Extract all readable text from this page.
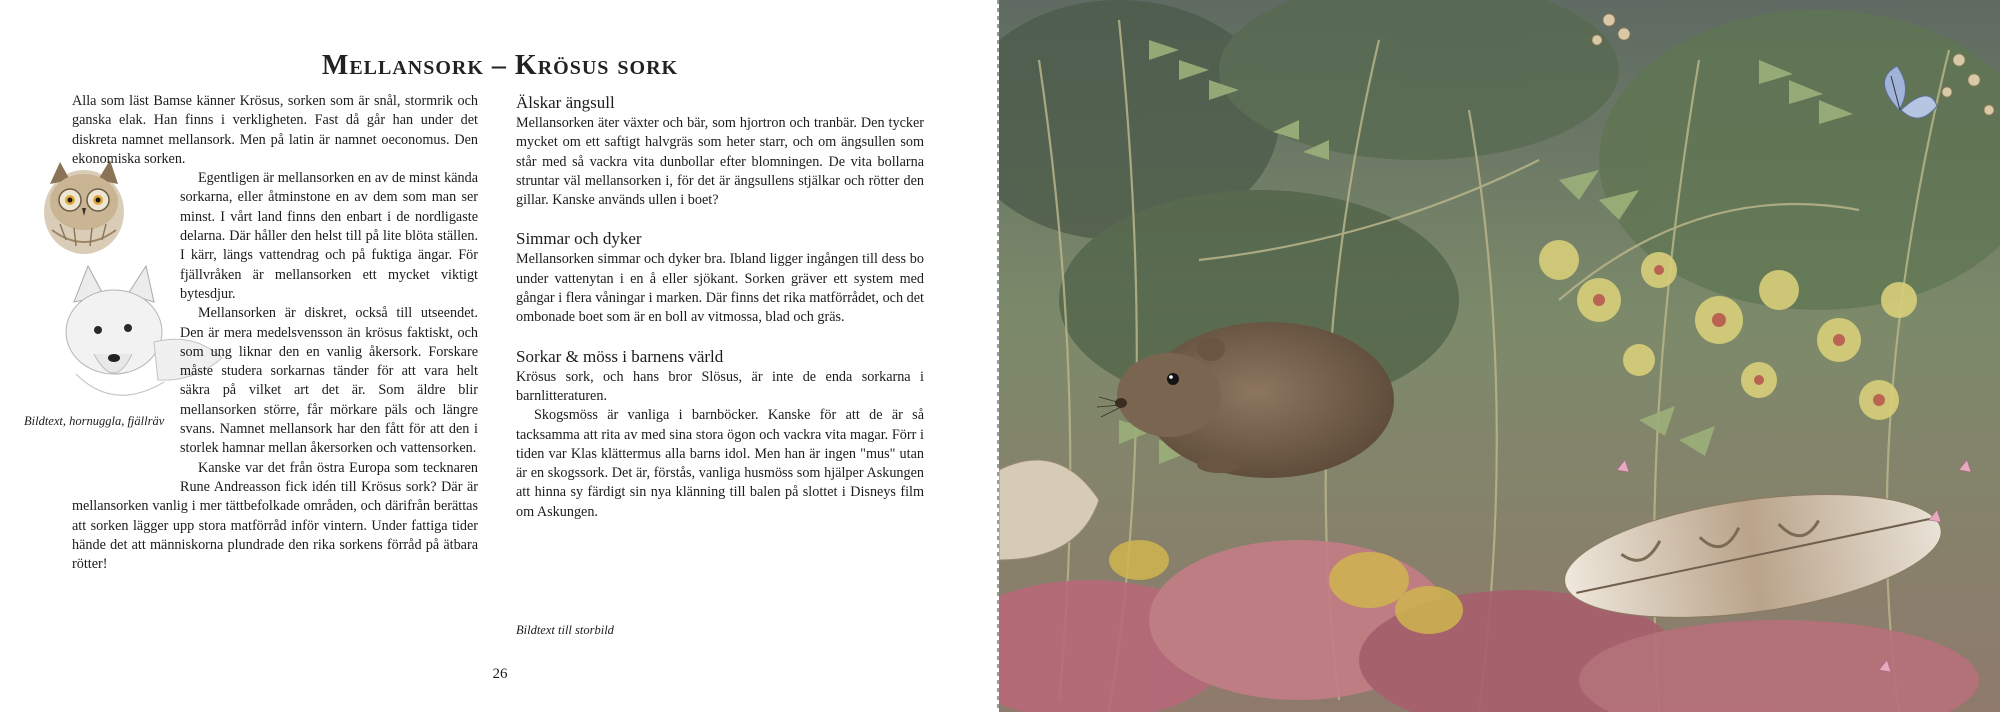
Mellansork – Krösus sork
Bildtext, hornuggla, fjällräv

Alla som läst Bamse känner Krösus, sorken som är snål, stormrik och ganska elak. Han finns i verkligheten. Fast då går han under det diskreta namnet mellansork. Men på latin är namnet oeconomus. Den ekonomiska sorken.

Egentligen är mellansorken en av de minst kända sorkarna, eller åtminstone en av dem som man ser minst. I vårt land finns den enbart i de nordligaste delarna. Där håller den helst till på lite blöta ställen. I kärr, längs vattendrag och på fuktiga ängar. För fjällvråken är mellansorken ett mycket viktigt bytesdjur.

Mellansorken är diskret, också till utseendet. Den är mera medelsvensson än krösus faktiskt, och som ung liknar den en vanlig åkersork. Forskare måste studera sorkarnas tänder för att vara helt säkra på vilket art det är. Som äldre blir mellansorken större, får mörkare päls och längre svans. Namnet mellansork har den fått för att den i storlek hamnar mellan åkersorken och vattensorken.

Kanske var det från östra Europa som tecknaren Rune Andreasson fick idén till Krösus sork? Där är mellansorken vanlig i mer tättbefolkade områden, och därifrån berättas att sorken lägger upp stora matförråd inför vintern. Under fattiga tider hände det att människorna plundrade den rika sorkens förråd på ätbara rötter!

Älskar ängsull

Mellansorken äter växter och bär, som hjortron och tranbär. Den tycker mycket om ett saftigt halvgräs som heter starr, och om ängsullen som står med så vackra vita dunbollar efter blomningen. De vita bollarna struntar väl mellansorken i, för det är ängsullens stjälkar och rötter den gillar. Kanske används ullen i boet?

Simmar och dyker

Mellansorken simmar och dyker bra. Ibland ligger ingången till dess bo under vattenytan i en å eller sjökant. Sorken gräver ett system med gångar i flera våningar i marken. Där finns det rika matförrådet, och det ombonade boet som är en boll av vitmossa, blad och gräs.

Sorkar & möss i barnens värld

Krösus sork, och hans bror Slösus, är inte de enda sorkarna i barnlitteraturen.

Skogsmöss är vanliga i barnböcker. Kanske för att de är så tacksamma att rita av med sina stora ögon och vackra vita magar. Förr i tiden var Klas klättermus alla barns idol. Men han är ingen "mus" utan är en skogssork. Det är, förstås, vanliga husmöss som hjälper Askungen att hinna sy färdigt sin nya klänning till balen på slottet i Disneys film om Askungen.

Bildtext till storbild
26
